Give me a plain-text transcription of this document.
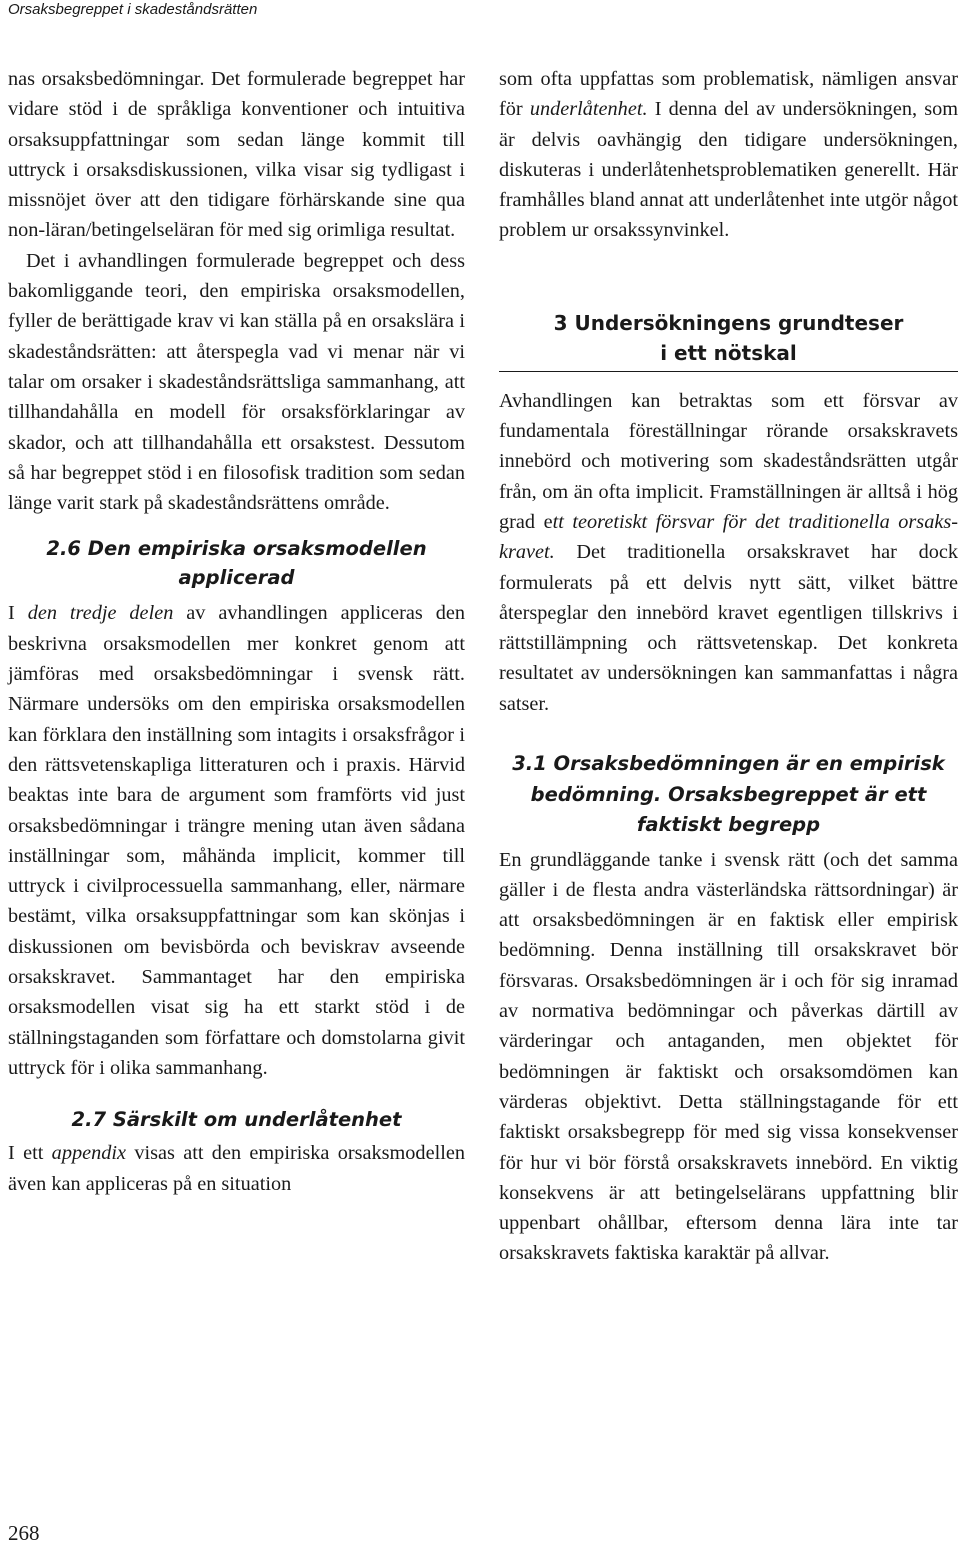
Orsaksbegreppet i skadeståndsrätten

nas orsaksbedömningar. Det formulerade begreppet har vidare stöd i de språkliga konventioner och intuitiva orsaksuppfattningar som sedan länge kommit till uttryck i orsaksdiskussionen, vilka visar sig tydligast i missnöjet över att den tidigare förhärskande sine qua non-läran/betingelseläran för med sig orimliga resultat.

Det i avhandlingen formulerade begreppet och dess bakomliggande teori, den empiriska orsaksmodellen, fyller de berättigade krav vi kan ställa på en orsakslära i skadeståndsrätten: att återspegla vad vi menar när vi talar om orsaker i skadeståndsrättsliga sammanhang, att tillhandahålla en modell för orsaksförklaringar av skador, och att tillhandahålla ett orsakstest. Dessutom så har begreppet stöd i en filosofisk tradition som sedan länge varit stark på skadeståndsrättens område.

2.6 Den empiriska orsaksmodellen applicerad

I den tredje delen av avhandlingen appliceras den beskrivna orsaksmodellen mer konkret genom att jämföras med orsaksbedömningar i svensk rätt. Närmare undersöks om den empiriska orsaksmodellen kan förklara den inställning som intagits i orsaksfrågor i den rättsvetenskapliga litteraturen och i praxis. Härvid beaktas inte bara de argument som framförts vid just orsaksbedömningar i trängre mening utan även sådana inställningar som, måhända implicit, kommer till uttryck i civilprocessuella sammanhang, eller, närmare bestämt, vilka orsaksuppfattningar som kan skönjas i diskussionen om bevisbörda och beviskrav avseende orsakskravet. Sammantaget har den empiriska orsaksmodellen visat sig ha ett starkt stöd i de ställningstaganden som författare och domstolarna givit uttryck för i olika sammanhang.

2.7 Särskilt om underlåtenhet

I ett appendix visas att den empiriska orsaksmodellen även kan appliceras på en situation

som ofta uppfattas som problematisk, nämligen ansvar för underlåtenhet. I denna del av undersökningen, som är delvis oavhängig den tidigare undersökningen, diskuteras i underlåtenhetsproblematiken generellt. Här framhålles bland annat att underlåtenhet inte utgör något problem ur orsakssynvinkel.

3 Undersökningens grundteser
i ett nötskal

Avhandlingen kan betraktas som ett försvar av fundamentala föreställningar rörande orsakskravets innebörd och motivering som skadeståndsrätten utgår från, om än ofta implicit. Framställningen är alltså i hög grad ett teoretiskt försvar för det traditionella orsakskravet. Det traditionella orsakskravet har dock formulerats på ett delvis nytt sätt, vilket bättre återspeglar den innebörd kravet egentligen tillskrivs i rättstillämpning och rättsvetenskap. Det konkreta resultatet av undersökningen kan sammanfattas i några satser.

3.1 Orsaksbedömningen är en empirisk bedömning. Orsaksbegreppet är ett faktiskt begrepp

En grundläggande tanke i svensk rätt (och det samma gäller i de flesta andra västerländska rättsordningar) är att orsaksbedömningen är en faktisk eller empirisk bedömning. Denna inställning till orsakskravet bör försvaras. Orsaksbedömningen är i och för sig inramad av normativa bedömningar och påverkas därtill av värderingar och antaganden, men objektet för bedömningen är faktiskt och orsaksomdömen kan värderas objektivt. Detta ställningstagande för ett faktiskt orsaksbegrepp för med sig vissa konsekvenser för hur vi bör förstå orsakskravets innebörd. En viktig konsekvens är att betingelselärans uppfattning blir uppenbart ohållbar, eftersom denna lära inte tar orsakskravets faktiska karaktär på allvar.

268
